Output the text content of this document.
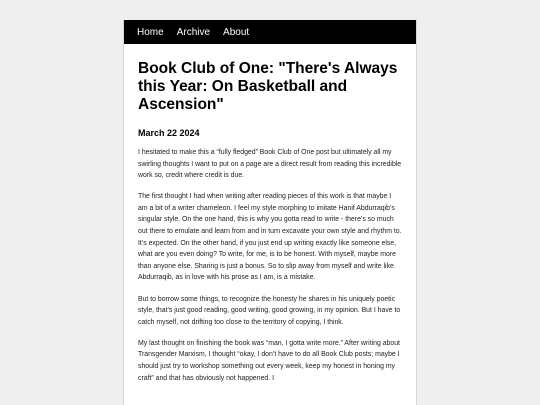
Home Archive About
Book Club of One: "There's Always this Year: On Basketball and Ascension"
March 22 2024

I hesitated to make this a “fully fledged” Book Club of One post but ultimately all my swirling thoughts I want to put on a page are a direct result from reading this incredible work so, credit where credit is due.

The first thought I had when writing after reading pieces of this work is that maybe I am a bit of a writer chameleon. I feel my style morphing to imitate Hanif Abdurraqib’s singular style. On the one hand, this is why you gotta read to write - there’s so much out there to emulate and learn from and in turn excavate your own style and rhythm to. It’s expected. On the other hand, if you just end up writing exactly like someone else, what are you even doing? To write, for me, is to be honest. With myself, maybe more than anyone else. Sharing is just a bonus. So to slip away from myself and write like Abdurraqib, as in love with his prose as I am, is a mistake.

But to borrow some things, to recognize the honesty he shares in his uniquely poetic style, that’s just good reading, good writing, good growing, in my opinion. But I have to catch myself, not drifting too close to the territory of copying, I think.

My last thought on finishing the book was “man, I gotta write more.” After writing about Transgender Marxism, I thought “okay, I don’t have to do all Book Club posts; maybe I should just try to workshop something out every week, keep my honest in honing my craft” and that has obviously not happened. I
